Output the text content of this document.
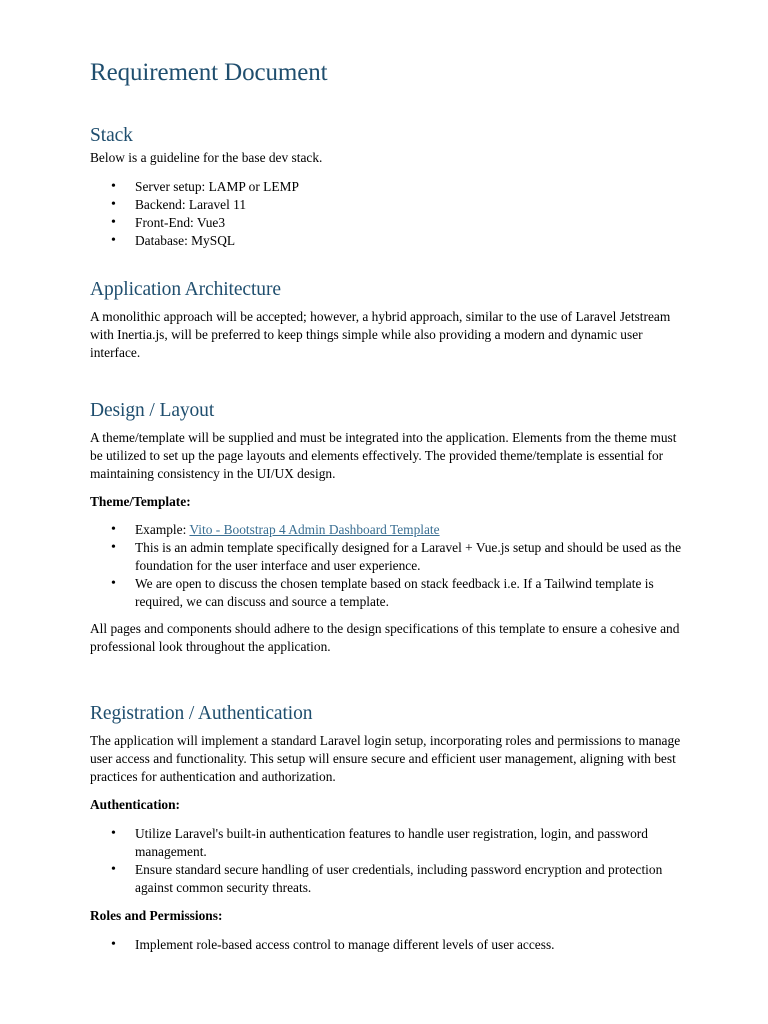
Requirement Document
Stack

Below is a guideline for the base dev stack.

• Server setup: LAMP or LEMP
• Backend: Laravel 11
• Front-End: Vue3
• Database: MySQL
Application Architecture

A monolithic approach will be accepted; however, a hybrid approach, similar to the use of Laravel Jetstream with Inertia.js, will be preferred to keep things simple while also providing a modern and dynamic user interface.

Design / Layout

A theme/template will be supplied and must be integrated into the application. Elements from the theme must be utilized to set up the page layouts and elements effectively. The provided theme/template is essential for maintaining consistency in the UI/UX design.

Theme/Template:

• Example: Vito - Bootstrap 4 Admin Dashboard Template
• This is an admin template specifically designed for a Laravel + Vue.js setup and should be used as the foundation for the user interface and user experience.
• We are open to discuss the chosen template based on stack feedback i.e. If a Tailwind template is required, we can discuss and source a template.

All pages and components should adhere to the design specifications of this template to ensure a cohesive and professional look throughout the application.

Registration / Authentication

The application will implement a standard Laravel login setup, incorporating roles and permissions to manage user access and functionality. This setup will ensure secure and efficient user management, aligning with best practices for authentication and authorization.

Authentication:

• Utilize Laravel's built-in authentication features to handle user registration, login, and password management.
• Ensure standard secure handling of user credentials, including password encryption and protection against common security threats.

Roles and Permissions:

• Implement role-based access control to manage different levels of user access.
